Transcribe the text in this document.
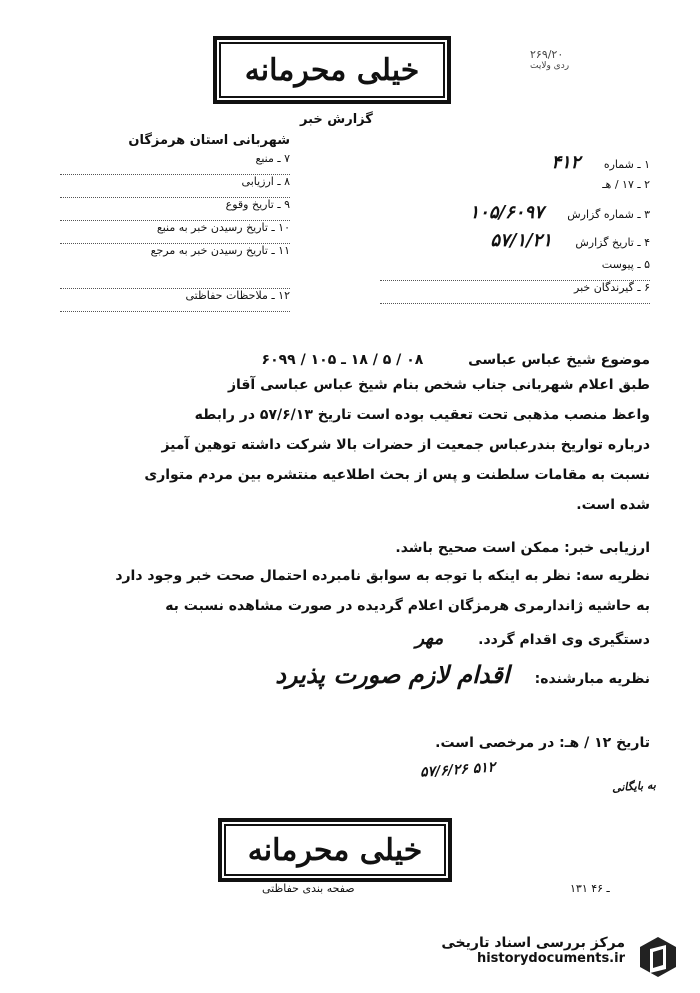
خیلی محرمانه	۲۶۹/۲۰
ردی ولایت
گزارش خبر
شهربانی استان هرمزگان
۱ ـ شماره ۴۱۲
۲ ـ ۱۷ / هـ
۳ ـ شماره گزارش ۱۰۵/۶۰۹۷
۴ ـ تاریخ گزارش ۵۷/۱/۲۱
۵ ـ پیوست
۶ ـ گیرندگان خبر
۷ ـ منبع
۸ ـ ارزیابی
۹ ـ تاریخ وقوع
۱۰ ـ تاریخ رسیدن خبر به منبع
۱۱ ـ تاریخ رسیدن خبر به مرجع
۱۲ ـ ملاحظات حفاظتی
موضوع شیخ عباس عباسی ۰۸ / ۵ / ۱۸ ـ ۱۰۵ / ۶۰۹۹
طبق اعلام شهربانی جناب شخص بنام شیخ عباس عباسی آقاز
واعظ منصب مذهبی تحت تعقیب بوده است تاریخ ۵۷/۶/۱۳ در رابطه
درباره تواریخ بندرعباس جمعیت از حضرات بالا شرکت داشته توهین آمیز
نسبت به مقامات سلطنت و پس از بحث اطلاعیه منتشره بین مردم متواری
شده است.
ارزیابی خبر: ممکن است صحیح باشد.
نظریه سه: نظر به اینکه با توجه به سوابق نامبرده احتمال صحت خبر وجود دارد
به حاشیه ژاندارمری هرمزگان اعلام گردیده در صورت مشاهده نسبت به
دستگیری وی اقدام گردد. مهر
نظریه مبارشنده: اقدام لازم صورت پذیرد
تاریخ ۱۲ / هـ: در مرخصی است.
۵۷/۶/۲۶ ۵۱۲
به بایگانی
خیلی محرمانه
صفحه بندی حفاظتی	۱۳۱ ـ ۴۶
مرکز بررسی اسناد تاریخی
historydocuments.ir
